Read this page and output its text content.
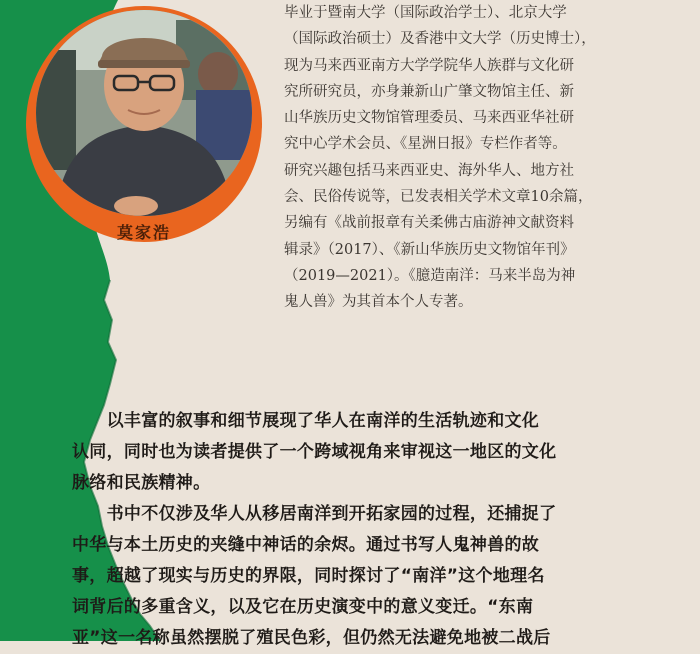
莫家浩
毕业于暨南大学（国际政治学士）、北京大学
（国际政治硕士）及香港中文大学（历史博士），
现为马来西亚南方大学学院华人族群与文化研
究所研究员，亦身兼新山广肇文物馆主任、新
山华族历史文物馆管理委员、马来西亚华社研
究中心学术会员、《星洲日报》专栏作者等。
研究兴趣包括马来西亚史、海外华人、地方社
会、民俗传说等，已发表相关学术文章10余篇，
另编有《战前报章有关柔佛古庙游神文献资料
辑录》（2017）、《新山华族历史文物馆年刊》
（2019—2021）。《臆造南洋：马来半岛为神
鬼人兽》为其首本个人专著。
　　以丰富的叙事和细节展现了华人在南洋的生活轨迹和文化
认同，同时也为读者提供了一个跨域视角来审视这一地区的文化
脉络和民族精神。
　　书中不仅涉及华人从移居南洋到开拓家园的过程，还捕捉了
中华与本土历史的夹缝中神话的余烬。通过书写人鬼神兽的故
事，超越了现实与历史的界限，同时探讨了“南洋”这个地理名
词背后的多重含义，以及它在历史演变中的意义变迁。“东南
亚”这一名称虽然摆脱了殖民色彩，但仍然无法避免地被二战后
